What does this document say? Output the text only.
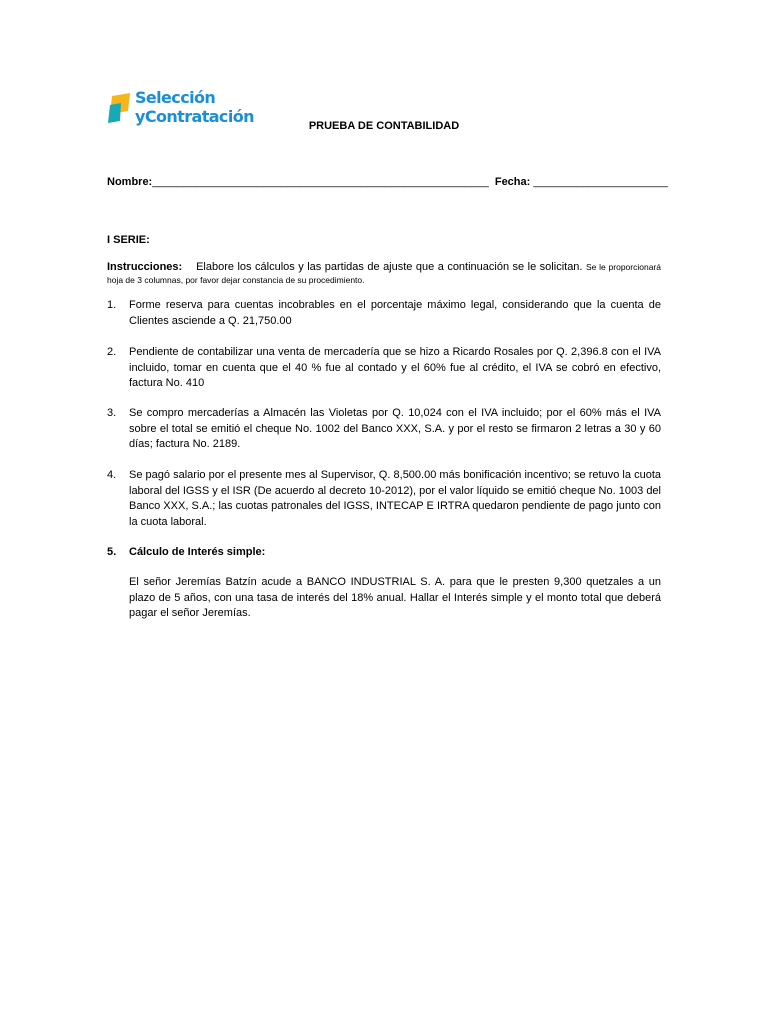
Selección
yContratación	PRUEBA DE CONTABILIDAD
Nombre:_______________________________________________________ Fecha: ______________________
I SERIE:
Instrucciones: Elabore los cálculos y las partidas de ajuste que a continuación se le solicitan. Se le proporcionará hoja de 3 columnas, por favor dejar constancia de su procedimiento.
1. Forme reserva para cuentas incobrables en el porcentaje máximo legal, considerando que la cuenta de Clientes asciende a Q. 21,750.00
2. Pendiente de contabilizar una venta de mercadería que se hizo a Ricardo Rosales por Q. 2,396.8 con el IVA incluido, tomar en cuenta que el 40 % fue al contado y el 60% fue al crédito, el IVA se cobró en efectivo, factura No. 410
3. Se compro mercaderías a Almacén las Violetas por Q. 10,024 con el IVA incluido; por el 60% más el IVA sobre el total se emitió el cheque No. 1002 del Banco XXX, S.A. y por el resto se firmaron 2 letras a 30 y 60 días; factura No. 2189.
4. Se pagó salario por el presente mes al Supervisor, Q. 8,500.00 más bonificación incentivo; se retuvo la cuota laboral del IGSS y el ISR (De acuerdo al decreto 10-2012), por el valor líquido se emitió cheque No. 1003 del Banco XXX, S.A.; las cuotas patronales del IGSS, INTECAP E IRTRA quedaron pendiente de pago junto con la cuota laboral.
5. Cálculo de Interés simple:
El señor Jeremías Batzín acude a BANCO INDUSTRIAL S. A. para que le presten 9,300 quetzales a un plazo de 5 años, con una tasa de interés del 18% anual. Hallar el Interés simple y el monto total que deberá pagar el señor Jeremías.
